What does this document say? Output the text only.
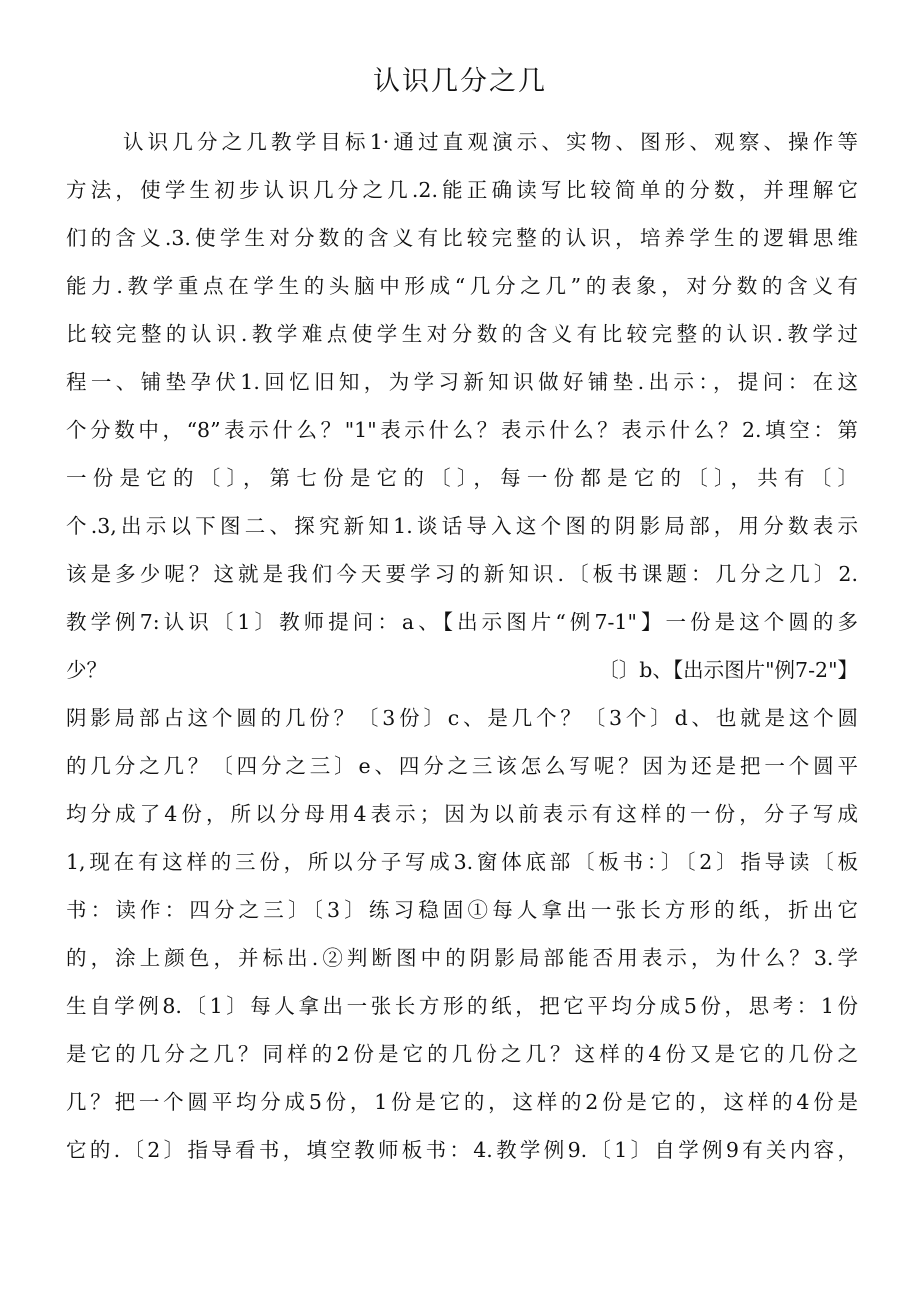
认识几分之几
认识几分之几教学目标1·通过直观演示、实物、图形、观察、操作等
方法，使学生初步认识几分之几.2.能正确读写比较简单的分数，并理解它
们的含义.3.使学生对分数的含义有比较完整的认识，培养学生的逻辑思维
能力.教学重点在学生的头脑中形成“几分之几”的表象，对分数的含义有
比较完整的认识.教学难点使学生对分数的含义有比较完整的认识.教学过
程一、铺垫孕伏1.回忆旧知，为学习新知识做好铺垫.出示：，提问：在这
个分数中，“8”表示什么？"1"表示什么？表示什么？表示什么？2.填空：第
一份是它的〔〕，第七份是它的〔〕，每一份都是它的〔〕，共有〔〕
个.3,出示以下图二、探究新知1.谈话导入这个图的阴影局部，用分数表示
该是多少呢？这就是我们今天要学习的新知识.〔板书课题：几分之几〕2.
教学例7:认识〔1〕教师提问：a、【出示图片“例7-1"】一份是这个圆的多
少？	〔〕b、【出示图片"例7-2"】
阴影局部占这个圆的几份？〔3份〕c、是几个？〔3个〕d、也就是这个圆
的几分之几？〔四分之三〕e、四分之三该怎么写呢？因为还是把一个圆平
均分成了4份，所以分母用4表示；因为以前表示有这样的一份，分子写成
1,现在有这样的三份，所以分子写成3.窗体底部〔板书：〕〔2〕指导读〔板
书：读作：四分之三〕〔3〕练习稳固①每人拿出一张长方形的纸，折出它
的，涂上颜色，并标出.②判断图中的阴影局部能否用表示，为什么？3.学
生自学例8.〔1〕每人拿出一张长方形的纸，把它平均分成5份，思考：1份
是它的几分之几？同样的2份是它的几份之几？这样的4份又是它的几份之
几？把一个圆平均分成5份，1份是它的，这样的2份是它的，这样的4份是
它的.〔2〕指导看书，填空教师板书：4.教学例9.〔1〕自学例9有关内容，
